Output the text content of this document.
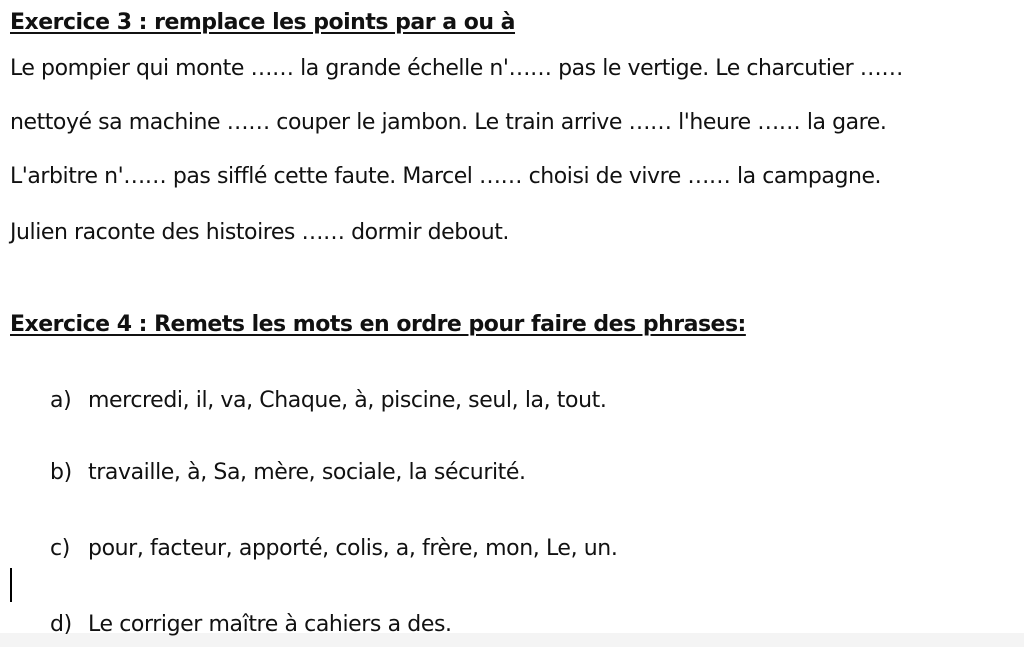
Exercice 3 : remplace les points par a ou à

Le pompier qui monte …… la grande échelle n'…… pas le vertige. Le charcutier ……

nettoyé sa machine …… couper le jambon. Le train arrive …… l'heure …… la gare.

L'arbitre n'…… pas sifflé cette faute. Marcel …… choisi de vivre …… la campagne.

Julien raconte des histoires …… dormir debout.

Exercice 4 : Remets les mots en ordre pour faire des phrases:

a) mercredi, il, va, Chaque, à, piscine, seul, la, tout.

b) travaille, à, Sa, mère, sociale, la sécurité.

c) pour, facteur, apporté, colis, a, frère, mon, Le, un.

d) Le corriger maître à cahiers a des.
